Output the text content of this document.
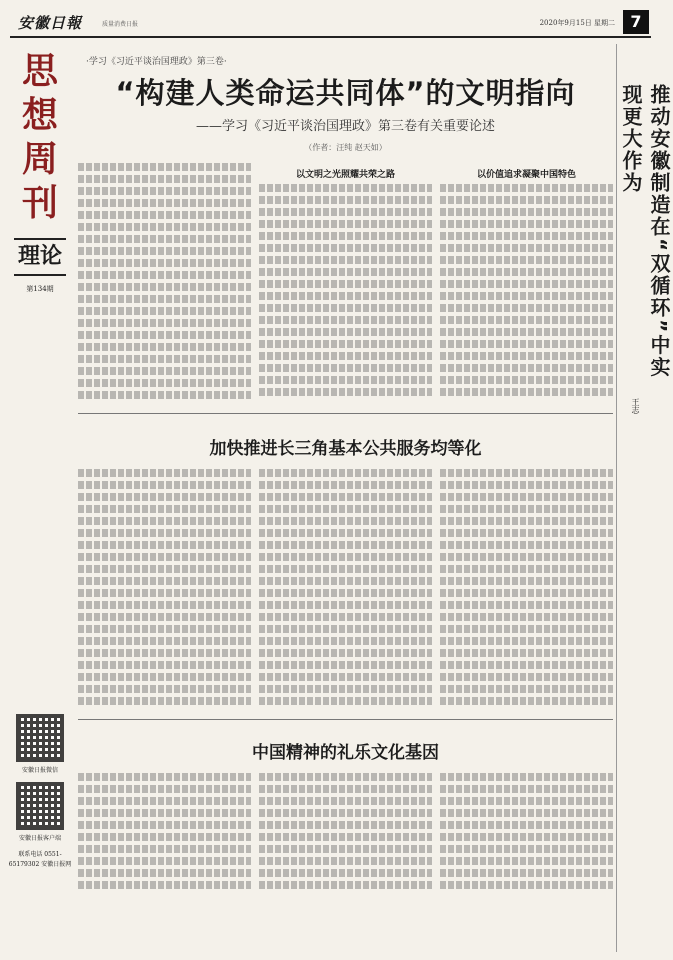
安徽日報	质量消费日报	2020年9月15日 星期二 7
思想周刊
理论
第134期
安徽日报微信
安徽日报客户端
联系电话 0551-65179302 安徽日报网
·学习《习近平谈治国理政》第三卷·
“构建人类命运共同体”的文明指向
——学习《习近平谈治国理政》第三卷有关重要论述
（作者：汪纯 赵天如）
以文明之光照耀共荣之路	以价值追求凝聚中国特色
加快推进长三角基本公共服务均等化
中国精神的礼乐文化基因
推动安徽制造在“双循环”中实现更大作为
王志
